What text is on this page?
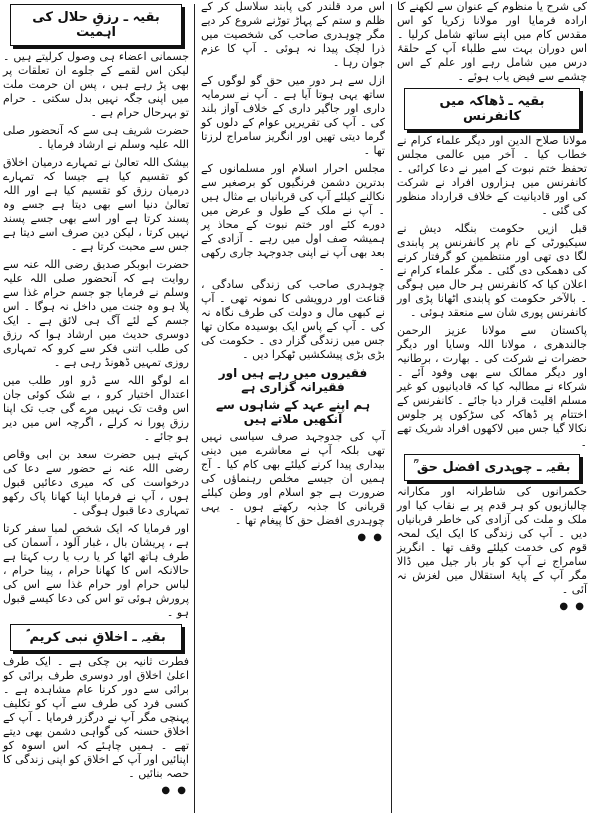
کی شرح یا منظوم کے عنوان سے لکھنے کا ارادہ فرمایا اور مولانا زکریا کو اس مقدس کام میں اپنے ساتھ شامل کرلیا ۔ اس دوران بہت سے طلباء آپ کے حلقۂ درس میں شامل رہے اور علم کے اس چشمے سے فیض یاب ہوئے ۔

بقیہ ـ ڈھاکہ میں کانفرنس

مولانا صلاح الدین اور دیگر علماء کرام نے خطاب کیا ۔ آخر میں عالمی مجلس تحفظ ختم نبوت کے امیر نے دعا کرائی ۔ کانفرنس میں ہزاروں افراد نے شرکت کی اور قادیانیت کے خلاف قرارداد منظور کی گئی ۔

قبل ازیں حکومت بنگلہ دیش نے سیکیورٹی کے نام پر کانفرنس پر پابندی لگا دی تھی اور منتظمین کو گرفتار کرنے کی دھمکی دی گئی ۔ مگر علماء کرام نے اعلان کیا کہ کانفرنس ہر حال میں ہوگی ۔ بالآخر حکومت کو پابندی اٹھانا پڑی اور کانفرنس پوری شان سے منعقد ہوئی ۔

پاکستان سے مولانا عزیز الرحمن جالندھری ، مولانا اللہ وسایا اور دیگر حضرات نے شرکت کی ۔ بھارت ، برطانیہ اور دیگر ممالک سے بھی وفود آئے ۔ شرکاء نے مطالبہ کیا کہ قادیانیوں کو غیر مسلم اقلیت قرار دیا جائے ۔ کانفرنس کے اختتام پر ڈھاکہ کی سڑکوں پر جلوس نکالا گیا جس میں لاکھوں افراد شریک تھے ۔

بقیہ ـ چوہدری افضل حق ؒ

حکمرانوں کی شاطرانہ اور مکارانہ چالبازیوں کو ہر قدم پر بے نقاب کیا اور ملک و ملت کی آزادی کی خاطر قربانیاں دیں ۔ آپ کی زندگی کا ایک ایک لمحہ قوم کی خدمت کیلئے وقف تھا ۔ انگریز سامراج نے آپ کو بار بار جیل میں ڈالا مگر آپ کے پایۂ استقلال میں لغزش نہ آئی ۔

● ●

اس مرد قلندر کی پابند سلاسل کر کے ظلم و ستم کے پہاڑ توڑنے شروع کر دیے مگر چوہدری صاحب کی شخصیت میں ذرا لچک پیدا نہ ہوئی ۔ آپ کا عزم جوان رہا ۔

ازل سے ہر دور میں حق گو لوگوں کے ساتھ یہی ہوتا آیا ہے ۔ آپ نے سرمایہ داری اور جاگیر داری کے خلاف آواز بلند کی ۔ آپ کی تقریریں عوام کے دلوں کو گرما دیتی تھیں اور انگریز سامراج لرزتا تھا ۔

مجلس احرار اسلام اور مسلمانوں کے بدترین دشمن فرنگیوں کو برصغیر سے نکالنے کیلئے آپ کی قربانیاں بے مثال ہیں ۔ آپ نے ملک کے طول و عرض میں دورے کئے اور ختم نبوت کے محاذ پر ہمیشہ صف اول میں رہے ۔ آزادی کے بعد بھی آپ نے اپنی جدوجہد جاری رکھی ۔

چوہدری صاحب کی زندگی سادگی ، قناعت اور درویشی کا نمونہ تھی ۔ آپ نے کبھی مال و دولت کی طرف نگاہ نہ کی ۔ آپ کے پاس ایک بوسیدہ مکان تھا جس میں زندگی گزار دی ۔ حکومت کی بڑی بڑی پیشکشیں ٹھکرا دیں ۔

فقیروں میں رہے ہیں اور فقیرانہ گزاری ہے
ہم اپنے عہد کے شاہوں سے آنکھیں ملاتے ہیں

آپ کی جدوجہد صرف سیاسی نہیں تھی بلکہ آپ نے معاشرے میں دینی بیداری پیدا کرنے کیلئے بھی کام کیا ۔ آج ہمیں ان جیسے مخلص رہنماؤں کی ضرورت ہے جو اسلام اور وطن کیلئے قربانی کا جذبہ رکھتے ہوں ۔ یہی چوہدری افضل حق کا پیغام تھا ۔

● ●
بقیہ ـ رزقِ حلال کی اہمیت

جسمانی اعضاء ہی وصول کرلیتے ہیں ۔ لیکن اس لقمے کے جلوے ان تعلقات پر بھی پڑ رہے ہیں ، پس ان حرمت ملت میں اپنی جگہ نہیں بدل سکتی ۔ حرام تو بہرحال حرام ہے ۔

حضرت شریف ہی سے کہ آنحضور صلی اللہ علیہ وسلم نے ارشاد فرمایا ۔

بیشک اللہ تعالیٰ نے تمہارے درمیان اخلاق کو تقسیم کیا ہے جیسا کہ تمہارے درمیان رزق کو تقسیم کیا ہے اور اللہ تعالیٰ دنیا اسے بھی دیتا ہے جسے وہ پسند کرتا ہے اور اسے بھی جسے پسند نہیں کرتا ، لیکن دین صرف اسے دیتا ہے جس سے محبت کرتا ہے ۔

حضرت ابوبکر صدیق رضی اللہ عنہ سے روایت ہے کہ آنحضور صلی اللہ علیہ وسلم نے فرمایا جو جسم حرام غذا سے پلا ہو وہ جنت میں داخل نہ ہوگا ۔ اس جسم کے لئے آگ ہی لائق ہے ۔ ایک دوسری حدیث میں ارشاد ہوا کہ رزق کی طلب اتنی فکر سے کرو کہ تمہاری روزی تمہیں ڈھونڈ رہی ہے ۔

اے لوگو اللہ سے ڈرو اور طلب میں اعتدال اختیار کرو ، بے شک کوئی جان اس وقت تک نہیں مرے گی جب تک اپنا رزق پورا نہ کرلے ، اگرچہ اس میں دیر ہو جائے ۔

کہتے ہیں حضرت سعد بن ابی وقاص رضی اللہ عنہ نے حضور سے دعا کی درخواست کی کہ میری دعائیں قبول ہوں ، آپ نے فرمایا اپنا کھانا پاک رکھو تمہاری دعا قبول ہوگی ۔

اور فرمایا کہ ایک شخص لمبا سفر کرتا ہے ، پریشان بال ، غبار آلود ، آسمان کی طرف ہاتھ اٹھا کر یا رب یا رب کہتا ہے حالانکہ اس کا کھانا حرام ، پینا حرام ، لباس حرام اور حرام غذا سے اس کی پرورش ہوئی تو اس کی دعا کیسے قبول ہو ۔

بقیہ ـ اخلاقِ نبی کریم ؐ

فطرت ثانیہ بن چکی ہے ۔ ایک طرف اعلیٰ اخلاق اور دوسری طرف برائی کو برائی سے دور کرنا عام مشاہدہ ہے ۔ کسی فرد کی طرف سے آپ کو تکلیف پہنچی مگر آپ نے درگزر فرمایا ۔ آپ کے اخلاق حسنہ کی گواہی دشمن بھی دیتے تھے ۔ ہمیں چاہئے کہ اس اسوہ کو اپنائیں اور آپ کے اخلاق کو اپنی زندگی کا حصہ بنائیں ۔

● ●
